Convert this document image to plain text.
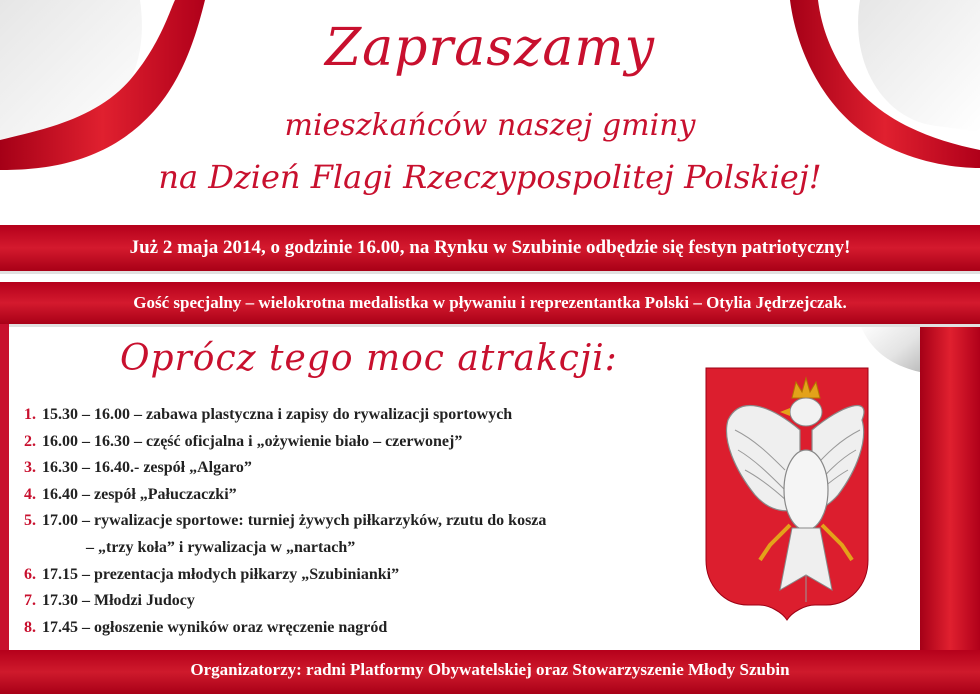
Zapraszamy
mieszkańców naszej gminy
na Dzień Flagi Rzeczypospolitej Polskiej!
Już 2 maja 2014, o godzinie 16.00, na Rynku w Szubinie odbędzie się festyn patriotyczny!
Gość specjalny – wielokrotna medalistka w pływaniu i reprezentantka Polski – Otylia Jędrzejczak.
Oprócz tego moc atrakcji:
1. 15.30 – 16.00 – zabawa plastyczna i zapisy do rywalizacji sportowych
2. 16.00 – 16.30 – część oficjalna i „ożywienie biało – czerwonej”
3. 16.30 – 16.40.- zespół „Algaro”
4. 16.40 – zespół „Pałuczaczki”
5. 17.00 – rywalizacje sportowe: turniej żywych piłkarzyków, rzutu do kosza
– „trzy koła” i rywalizacja w „nartach”
6. 17.15 – prezentacja młodych piłkarzy „Szubinianki”
7. 17.30 – Młodzi Judocy
8. 17.45 – ogłoszenie wyników oraz wręczenie nagród
Organizatorzy: radni Platformy Obywatelskiej oraz Stowarzyszenie Młody Szubin
